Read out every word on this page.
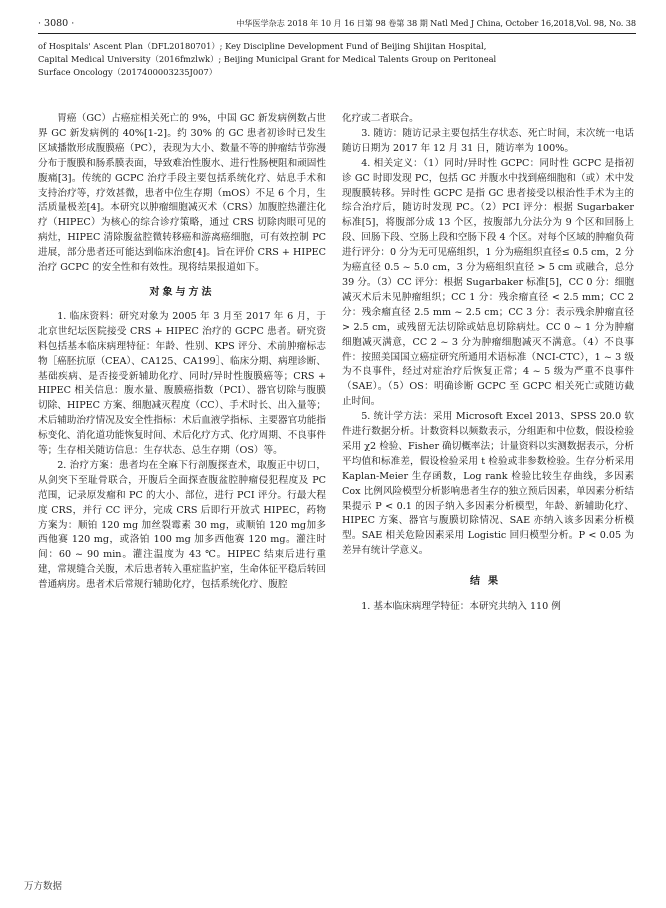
· 3080 ·	中华医学杂志 2018 年 10 月 16 日第 98 卷第 38 期 Natl Med J China, October 16,2018,Vol. 98, No. 38
of Hospitals' Ascent Plan（DFL20180701）; Key Discipline Development Fund of Beijing Shijitan Hospital,
Capital Medical University（2016fmzlwk）; Beijing Municipal Grant for Medical Talents Group on Peritoneal
Surface Oncology（2017400003235J007）

胃癌（GC）占癌症相关死亡的 9%，中国 GC 新发病例数占世界 GC 新发病例的 40%[1-2]。约 30% 的 GC 患者初诊时已发生区域播散形成腹膜癌（PC），表现为大小、数量不等的肿瘤结节弥漫分布于腹膜和肠系膜表面，导致难治性腹水、进行性肠梗阻和顽固性腹痛[3]。传统的 GCPC 治疗手段主要包括系统化疗、姑息手术和支持治疗等，疗效甚微，患者中位生存期（mOS）不足 6 个月，生活质量极差[4]。本研究以肿瘤细胞减灭术（CRS）加腹腔热灌注化疗（HIPEC）为核心的综合诊疗策略，通过 CRS 切除肉眼可见的病灶，HIPEC 清除腹盆腔微转移癌和游离癌细胞，可有效控制 PC 进展，部分患者还可能达到临床治愈[4]。旨在评价 CRS + HIPEC 治疗 GCPC 的安全性和有效性。现将结果报道如下。

对象与方法

1. 临床资料：研究对象为 2005 年 3 月至 2017 年 6 月，于北京世纪坛医院接受 CRS + HIPEC 治疗的 GCPC 患者。研究资料包括基本临床病理特征：年龄、性别、KPS 评分、术前肿瘤标志物［癌胚抗原（CEA）、CA125、CA199］、临床分期、病理诊断、基础疾病、是否接受新辅助化疗、同时/异时性腹膜癌等；CRS + HIPEC 相关信息：腹水量、腹膜癌指数（PCI）、器官切除与腹膜切除、HIPEC 方案、细胞减灭程度（CC）、手术时长、出入量等；术后辅助治疗情况及安全性指标：术后血液学指标、主要器官功能指标变化、消化道功能恢复时间、术后化疗方式、化疗周期、不良事件等；生存相关随访信息：生存状态、总生存期（OS）等。

2. 治疗方案：患者均在全麻下行剖腹探查术，取腹正中切口，从剑突下至耻骨联合，开腹后全面探查腹盆腔肿瘤侵犯程度及 PC 范围，记录原发瘤和 PC 的大小、部位，进行 PCI 评分。行最大程度 CRS，并行 CC 评分，完成 CRS 后即行开放式 HIPEC，药物方案为：顺铂 120 mg 加丝裂霉素 30 mg，或顺铂 120 mg加多西他赛 120 mg，或洛铂 100 mg 加多西他赛 120 mg。灌注时间：60 ~ 90 min。灌注温度为 43 ℃。HIPEC 结束后进行重建，常规缝合关腹，术后患者转入重症监护室，生命体征平稳后转回普通病房。患者术后常规行辅助化疗，包括系统化疗、腹腔

化疗或二者联合。

3. 随访：随访记录主要包括生存状态、死亡时间，末次统一电话随访日期为 2017 年 12 月 31 日，随访率为 100%。

4. 相关定义：（1）同时/异时性 GCPC：同时性 GCPC 是指初诊 GC 时即发现 PC，包括 GC 并腹水中找到癌细胞和（或）术中发现腹膜转移。异时性 GCPC 是指 GC 患者接受以根治性手术为主的综合治疗后，随访时发现 PC。（2）PCI 评分：根据 Sugarbaker 标准[5]，将腹部分成 13 个区，按腹部九分法分为 9 个区和回肠上段、回肠下段、空肠上段和空肠下段 4 个区。对每个区域的肿瘤负荷进行评分：0 分为无可见癌组织，1 分为癌组织直径≤ 0.5 cm，2 分为癌直径 0.5 ~ 5.0 cm，3 分为癌组织直径 > 5 cm 或融合，总分 39 分。（3）CC 评分：根据 Sugarbaker 标准[5]，CC 0 分：细胞减灭术后未见肿瘤组织；CC 1 分：残余瘤直径 < 2.5 mm；CC 2 分：残余瘤直径 2.5 mm ~ 2.5 cm；CC 3 分：表示残余肿瘤直径 > 2.5 cm，或残留无法切除或姑息切除病灶。CC 0 ~ 1 分为肿瘤细胞减灭满意，CC 2 ~ 3 分为肿瘤细胞减灭不满意。（4）不良事件：按照美国国立癌症研究所通用术语标准（NCI-CTC），1 ~ 3 级为不良事件，经过对症治疗后恢复正常；4 ~ 5 级为严重不良事件（SAE）。（5）OS：明确诊断 GCPC 至 GCPC 相关死亡或随访截止时间。

5. 统计学方法：采用 Microsoft Excel 2013、SPSS 20.0 软件进行数据分析。计数资料以频数表示，分组距和中位数，假设检验采用 χ2 检验、Fisher 确切概率法；计量资料以实测数据表示，分析平均值和标准差，假设检验采用 t 检验或非参数检验。生存分析采用 Kaplan-Meier 生存函数，Log rank 检验比较生存曲线，多因素 Cox 比例风险模型分析影响患者生存的独立预后因素，单因素分析结果提示 P < 0.1 的因子纳入多因素分析模型，年龄、新辅助化疗、HIPEC 方案、器官与腹膜切除情况、SAE 亦纳入该多因素分析模型。SAE 相关危险因素采用 Logistic 回归模型分析。P < 0.05 为差异有统计学意义。

结果

1. 基本临床病理学特征：本研究共纳入 110 例

万方数据
